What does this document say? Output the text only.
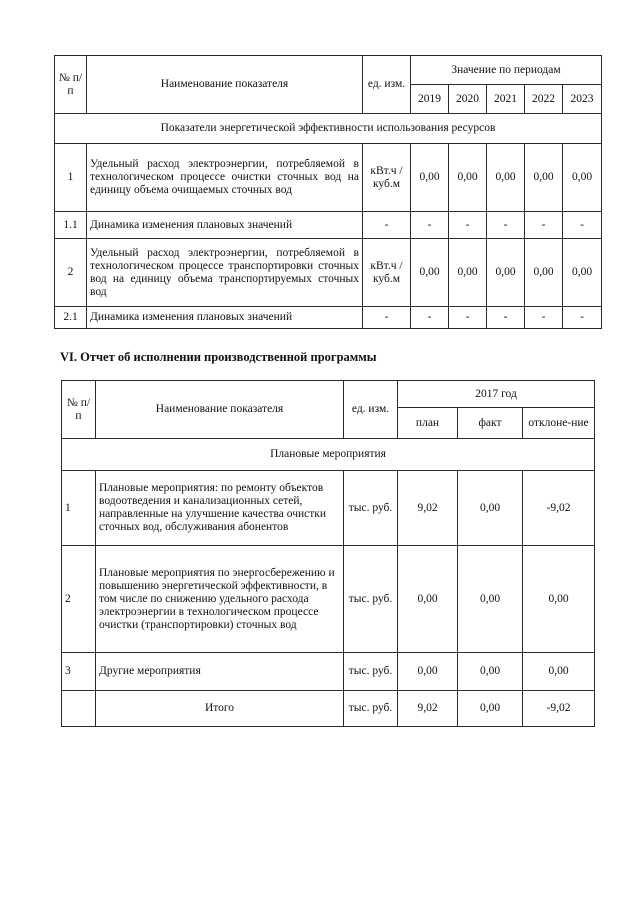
№ п/п	Наименование показателя	ед. изм.	Значение по периодам				
			2019	2020	2021	2022	2023
Показатели энергетической эффективности использования ресурсов							
1	Удельный расход электроэнергии, потребляемой в технологическом процессе очистки сточных вод на единицу объема очищаемых сточных вод	кВт.ч / куб.м	0,00	0,00	0,00	0,00	0,00
1.1	Динамика изменения плановых значений	-	-	-	-	-	-
2	Удельный расход электроэнергии, потребляемой в технологическом процессе транспортировки сточных вод на единицу объема транспортируемых сточных вод	кВт.ч / куб.м	0,00	0,00	0,00	0,00	0,00
2.1	Динамика изменения плановых значений	-	-	-	-	-	-

VI. Отчет об исполнении производственной программы

№ п/п	Наименование показателя	ед. изм.	2017 год		
			план	факт	отклоне-ние
Плановые мероприятия					
1	Плановые мероприятия: по ремонту объектов водоотведения и канализационных сетей, направленные на улучшение качества очистки сточных вод, обслуживания абонентов	тыс. руб.	9,02	0,00	-9,02
2	Плановые мероприятия по энергосбережению и повышению энергетической эффективности, в том числе по снижению удельного расхода электроэнергии в технологическом процессе очистки (транспортировки) сточных вод	тыс. руб.	0,00	0,00	0,00
3	Другие мероприятия	тыс. руб.	0,00	0,00	0,00
	Итого	тыс. руб.	9,02	0,00	-9,02
